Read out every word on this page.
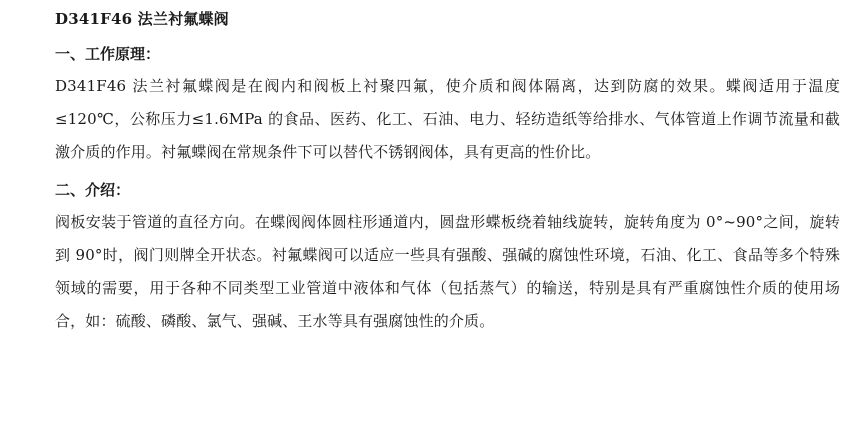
D341F46 法兰衬氟蝶阀
一、工作原理：

D341F46 法兰衬氟蝶阀是在阀内和阀板上衬聚四氟，使介质和阀体隔离，达到防腐的效果。蝶阀适用于温度≤120℃，公称压力≤1.6MPa 的食品、医药、化工、石油、电力、轻纺造纸等给排水、气体管道上作调节流量和截激介质的作用。衬氟蝶阀在常规条件下可以替代不锈钢阀体，具有更高的性价比。

二、介绍：

阀板安装于管道的直径方向。在蝶阀阀体圆柱形通道内，圆盘形蝶板绕着轴线旋转，旋转角度为 0°~90°之间，旋转到 90°时，阀门则牌全开状态。衬氟蝶阀可以适应一些具有强酸、强碱的腐蚀性环境，石油、化工、食品等多个特殊领域的需要，用于各种不同类型工业管道中液体和气体（包括蒸气）的输送，特别是具有严重腐蚀性介质的使用场合，如：硫酸、磷酸、氯气、强碱、王水等具有强腐蚀性的介质。
